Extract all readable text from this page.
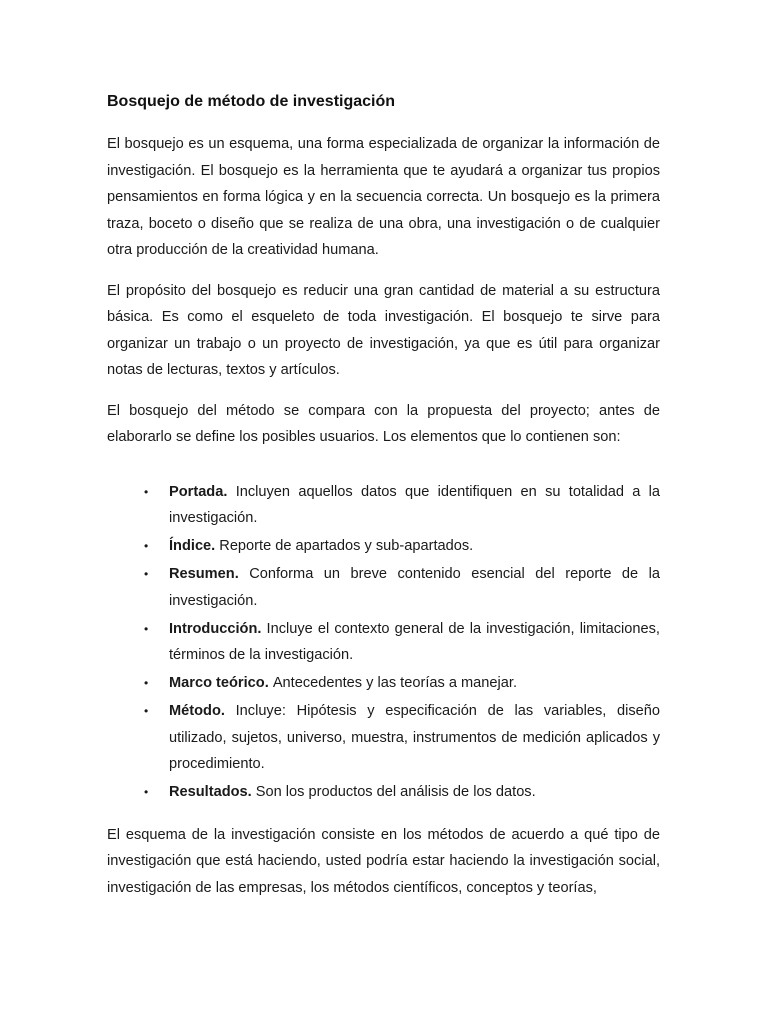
Bosquejo de método de investigación

El bosquejo es un esquema, una forma especializada de organizar la información de investigación. El bosquejo es la herramienta que te ayudará a organizar tus propios pensamientos en forma lógica y en la secuencia correcta. Un bosquejo es la primera traza, boceto o diseño que se realiza de una obra, una investigación o de cualquier otra producción de la creatividad humana.

El propósito del bosquejo es reducir una gran cantidad de material a su estructura básica. Es como el esqueleto de toda investigación. El bosquejo te sirve para organizar un trabajo o un proyecto de investigación, ya que es útil para organizar notas de lecturas, textos y artículos.

El bosquejo del método se compara con la propuesta del proyecto; antes de elaborarlo se define los posibles usuarios. Los elementos que lo contienen son:

• Portada. Incluyen aquellos datos que identifiquen en su totalidad a la investigación.
• Índice. Reporte de apartados y sub-apartados.
• Resumen. Conforma un breve contenido esencial del reporte de la investigación.
• Introducción. Incluye el contexto general de la investigación, limitaciones, términos de la investigación.
• Marco teórico. Antecedentes y las teorías a manejar.
• Método. Incluye: Hipótesis y especificación de las variables, diseño utilizado, sujetos, universo, muestra, instrumentos de medición aplicados y procedimiento.
• Resultados. Son los productos del análisis de los datos.

El esquema de la investigación consiste en los métodos de acuerdo a qué tipo de investigación que está haciendo, usted podría estar haciendo la investigación social, investigación de las empresas, los métodos científicos, conceptos y teorías,
